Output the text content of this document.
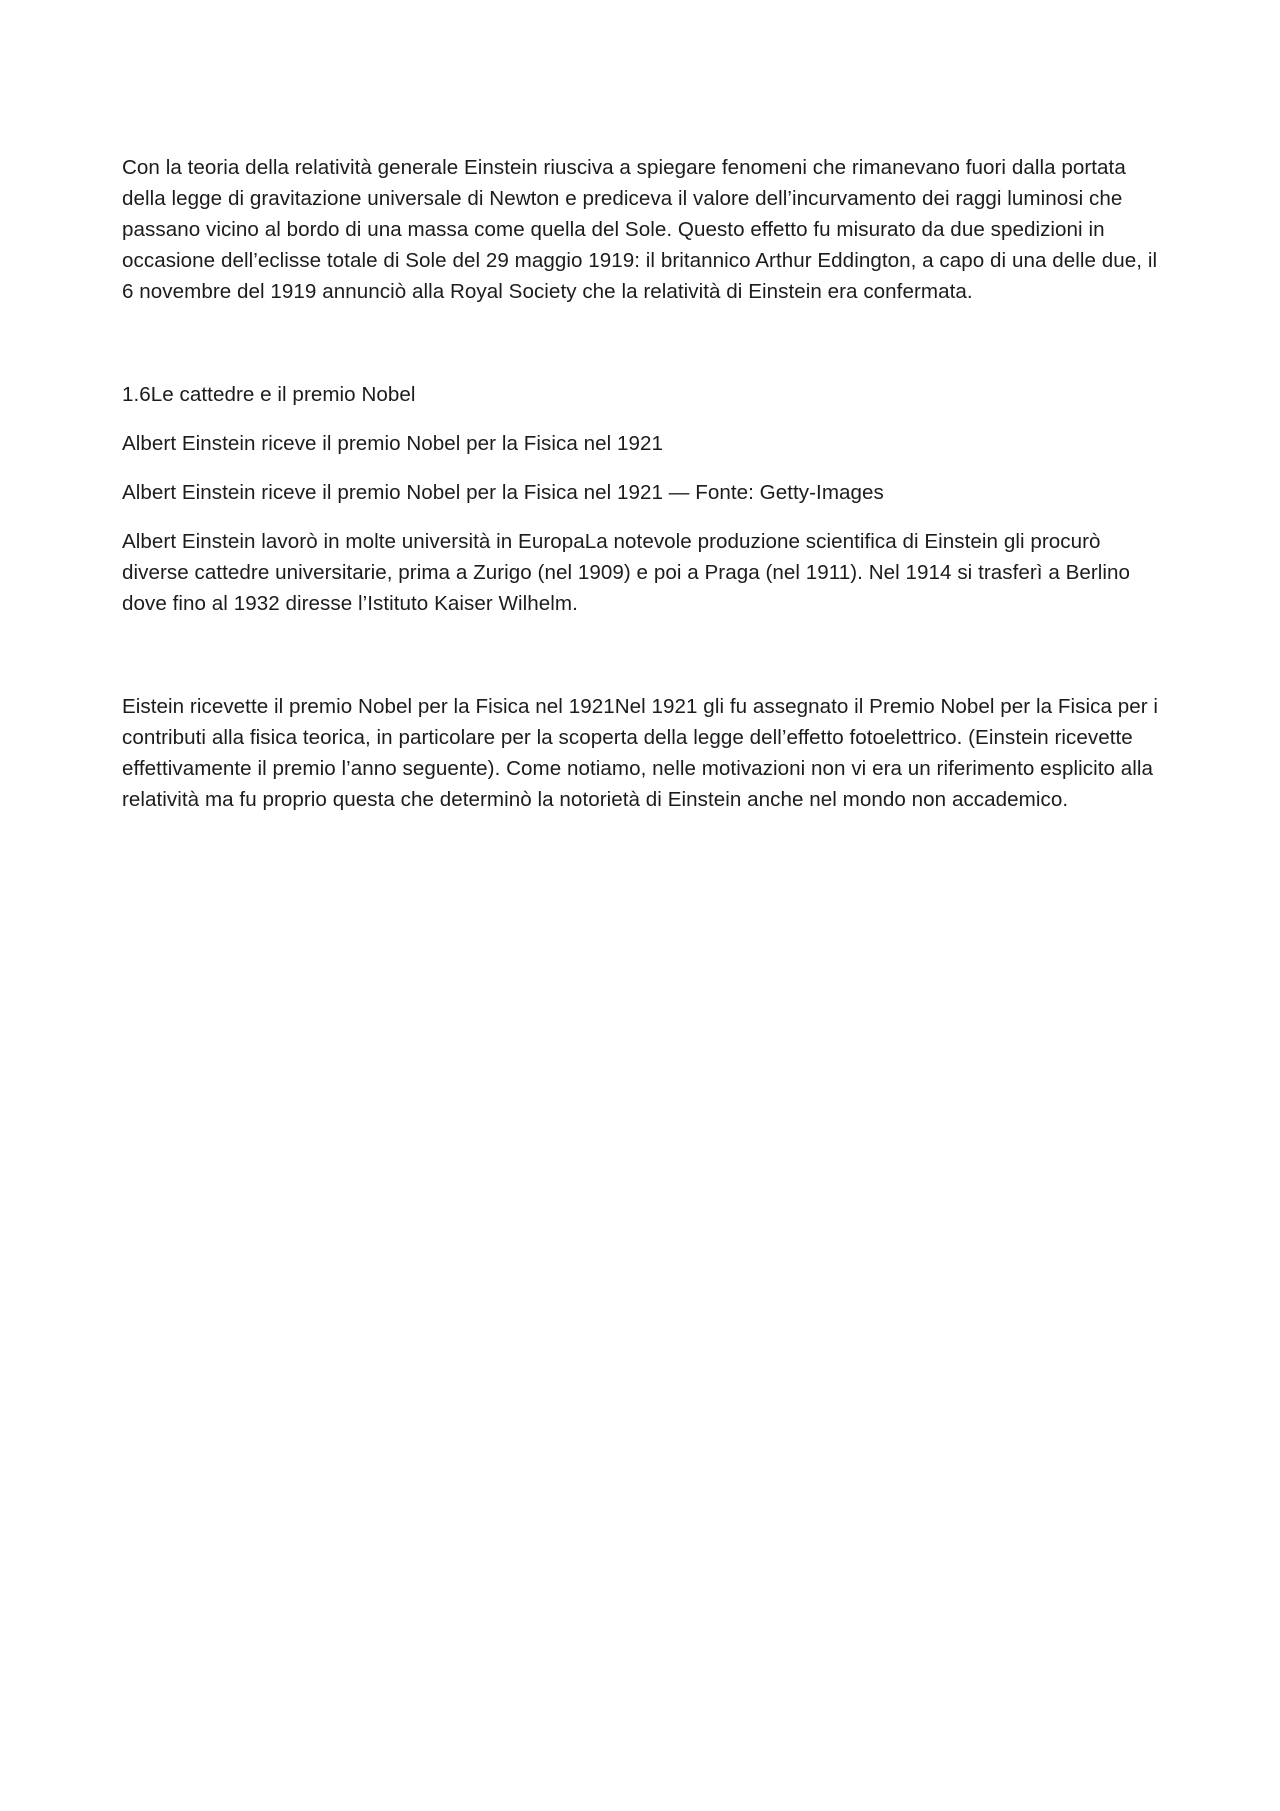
Con la teoria della relatività generale Einstein riusciva a spiegare fenomeni che rimanevano fuori dalla portata della legge di gravitazione universale di Newton e prediceva il valore dell’incurvamento dei raggi luminosi che passano vicino al bordo di una massa come quella del Sole. Questo effetto fu misurato da due spedizioni in occasione dell’eclisse totale di Sole del 29 maggio 1919: il britannico Arthur Eddington, a capo di una delle due, il 6 novembre del 1919 annunciò alla Royal Society che la relatività di Einstein era confermata.

1.6Le cattedre e il premio Nobel

Albert Einstein riceve il premio Nobel per la Fisica nel 1921

Albert Einstein riceve il premio Nobel per la Fisica nel 1921 — Fonte: Getty-Images

Albert Einstein lavorò in molte università in EuropaLa notevole produzione scientifica di Einstein gli procurò diverse cattedre universitarie, prima a Zurigo (nel 1909) e poi a Praga (nel 1911). Nel 1914 si trasferì a Berlino dove fino al 1932 diresse l’Istituto Kaiser Wilhelm.

Eistein ricevette il premio Nobel per la Fisica nel 1921Nel 1921 gli fu assegnato il Premio Nobel per la Fisica per i contributi alla fisica teorica, in particolare per la scoperta della legge dell’effetto fotoelettrico. (Einstein ricevette effettivamente il premio l’anno seguente). Come notiamo, nelle motivazioni non vi era un riferimento esplicito alla relatività ma fu proprio questa che determinò la notorietà di Einstein anche nel mondo non accademico.
